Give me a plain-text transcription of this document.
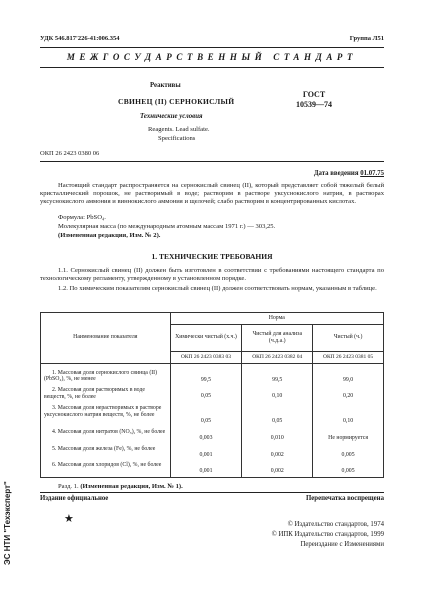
УДК 546.817'226-41:006.354	Группа Л51
МЕЖГОСУДАРСТВЕННЫЙ СТАНДАРТ
Реактивы
СВИНЕЦ (II) СЕРНОКИСЛЫЙ
Технические условия
Reagents. Lead sulfate.
Specifications
ГОСТ
10539—74
ОКП 26 2423 0380 06
Дата введения 01.07.75
Настоящий стандарт распространяется на сернокислый свинец (II), который представляет собой тяжелый белый кристаллический порошок, не растворимый в воде; растворим в растворе уксуснокислого натрия, в растворах уксуснокислого аммония и виннокислого аммония и щелочей; слабо растворим в концентрированных кислотах.
Формула: PbSO₄.
Молекулярная масса (по международным атомным массам 1971 г.) — 303,25.
(Измененная редакция, Изм. № 2).
1. ТЕХНИЧЕСКИЕ ТРЕБОВАНИЯ
1.1. Сернокислый свинец (II) должен быть изготовлен в соответствии с требованиями настоящего стандарта по технологическому регламенту, утвержденному в установленном порядке.
1.2. По химическим показателям сернокислый свинец (II) должен соответствовать нормам, указанным в таблице.
Наименование показателя	Норма		
	Химически чистый (х.ч.)	Чистый для анализа (ч.д.а.)	Чистый (ч.)
	ОКП 26 2423 0383 03	ОКП 26 2423 0382 04	ОКП 26 2423 0381 05

1. Массовая доля сернокислого свинца (II) (PbSO₄), %, не менее	99,5	99,5	99,0

2. Массовая доля растворимых в воде веществ, %, не более	0,05	0,10	0,20

3. Массовая доля нерастворимых в растворе уксуснокислого натрия веществ, %, не более	0,05	0,05	0,10

4. Массовая доля нитратов (NO₃), %, не более	0,003	0,010	Не нормируется

5. Массовая доля железа (Fe), %, не более	0,001	0,002	0,005

6. Массовая доля хлоридов (Cl), %, не более	0,001	0,002	0,005
Разд. 1. (Измененная редакция, Изм. № 1).
Издание официальное	Перепечатка воспрещена
★	© Издательство стандартов, 1974
© ИПК Издательство стандартов, 1999
Переиздание с Изменениями
ЭС НТИ "Техэксперт"
